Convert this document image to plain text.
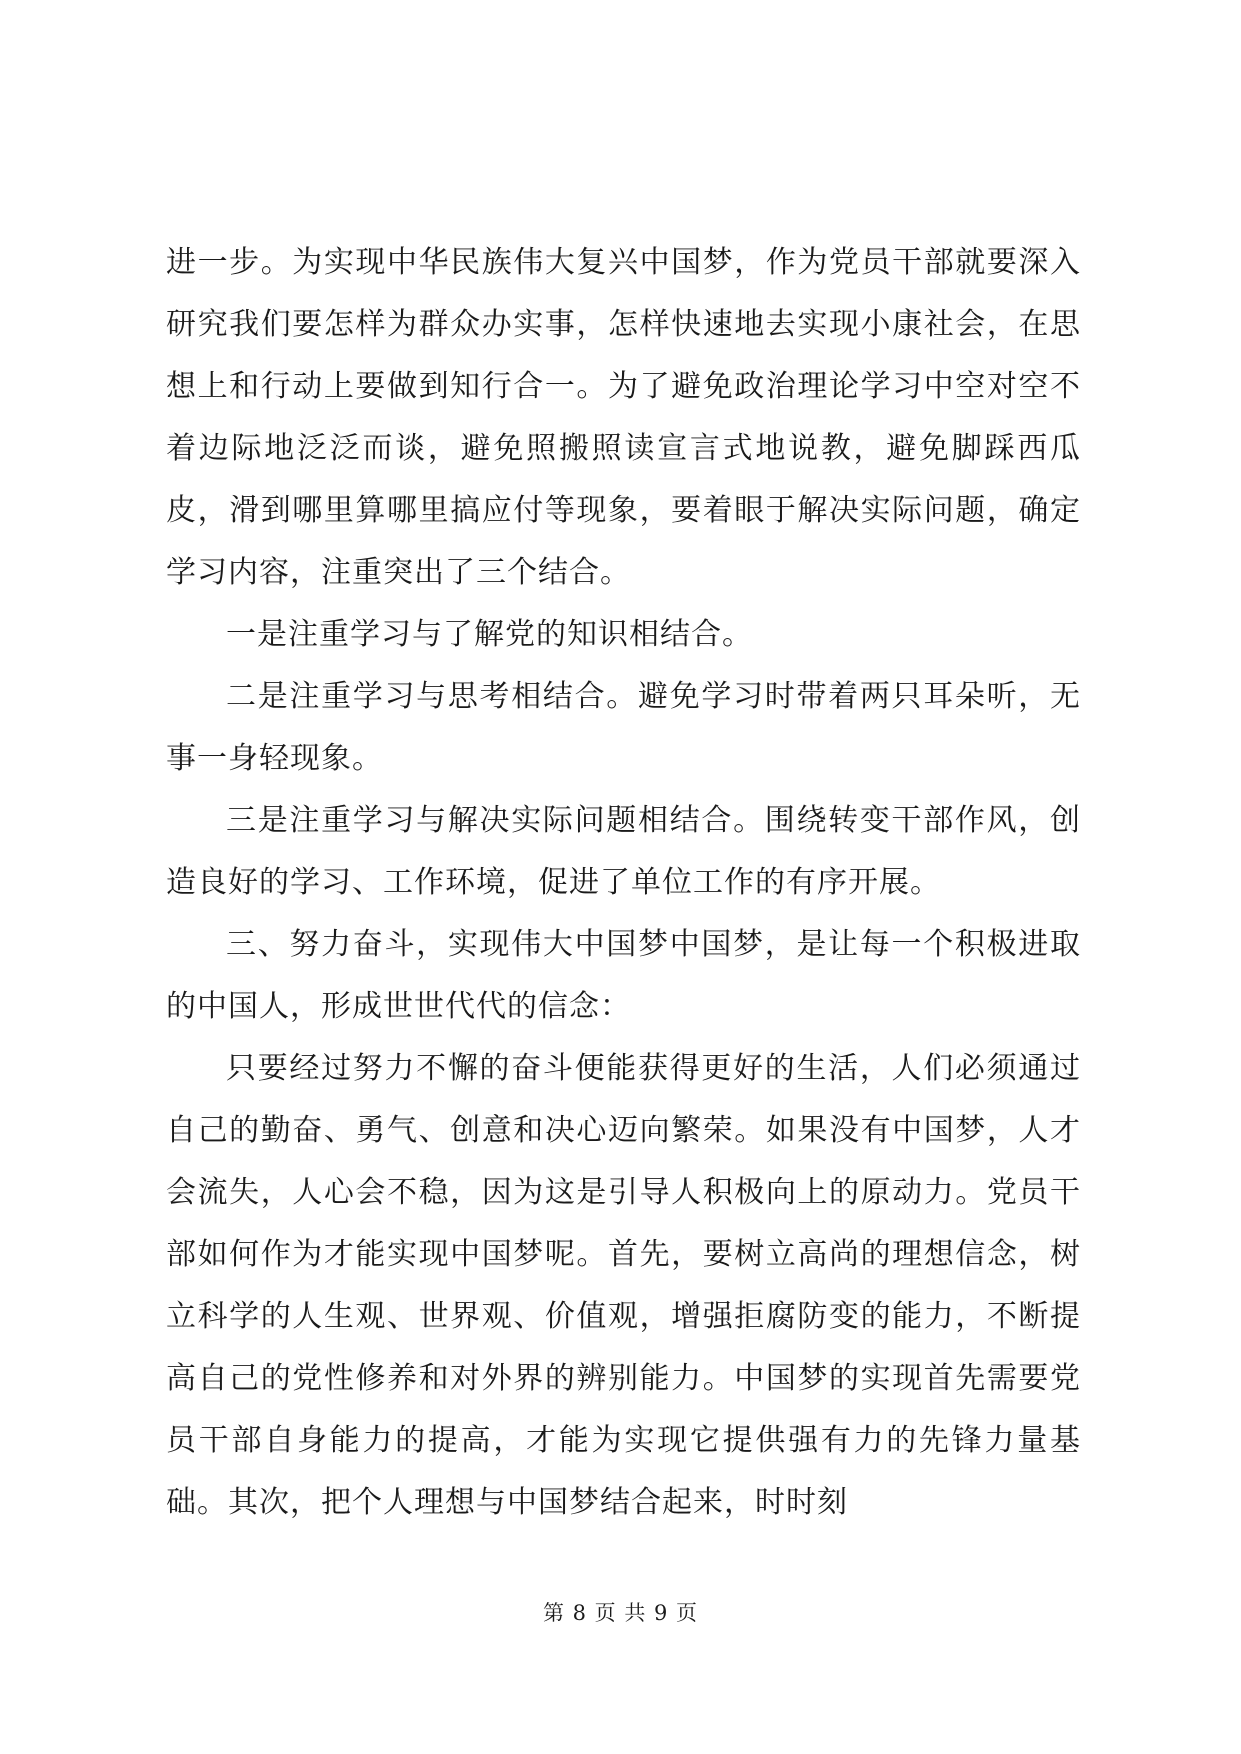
进一步。为实现中华民族伟大复兴中国梦，作为党员干部就要深入研究我们要怎样为群众办实事，怎样快速地去实现小康社会，在思想上和行动上要做到知行合一。为了避免政治理论学习中空对空不着边际地泛泛而谈，避免照搬照读宣言式地说教，避免脚踩西瓜皮，滑到哪里算哪里搞应付等现象，要着眼于解决实际问题，确定学习内容，注重突出了三个结合。

一是注重学习与了解党的知识相结合。

二是注重学习与思考相结合。避免学习时带着两只耳朵听，无事一身轻现象。

三是注重学习与解决实际问题相结合。围绕转变干部作风，创造良好的学习、工作环境，促进了单位工作的有序开展。

三、努力奋斗，实现伟大中国梦中国梦，是让每一个积极进取的中国人，形成世世代代的信念：

只要经过努力不懈的奋斗便能获得更好的生活，人们必须通过自己的勤奋、勇气、创意和决心迈向繁荣。如果没有中国梦，人才会流失，人心会不稳，因为这是引导人积极向上的原动力。党员干部如何作为才能实现中国梦呢。首先，要树立高尚的理想信念，树立科学的人生观、世界观、价值观，增强拒腐防变的能力，不断提高自己的党性修养和对外界的辨别能力。中国梦的实现首先需要党员干部自身能力的提高，才能为实现它提供强有力的先锋力量基础。其次，把个人理想与中国梦结合起来，时时刻

第 8 页 共 9 页
